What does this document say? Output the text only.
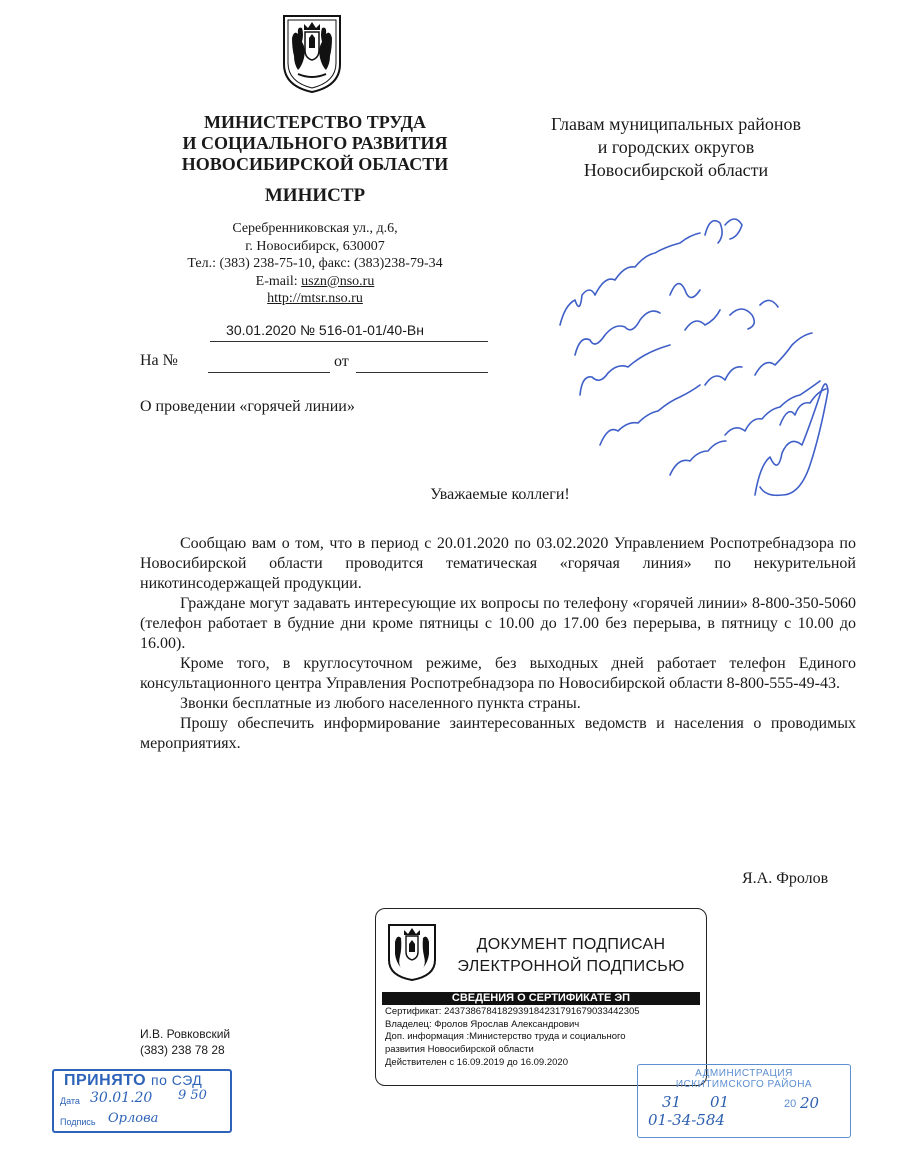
МИНИСТЕРСТВО ТРУДА
И СОЦИАЛЬНОГО РАЗВИТИЯ
НОВОСИБИРСКОЙ ОБЛАСТИ
МИНИСТР
Серебренниковская ул., д.6,
г. Новосибирск, 630007
Тел.: (383) 238-75-10, факс: (383)238-79-34
E-mail: uszn@nso.ru
http://mtsr.nso.ru
30.01.2020 № 516-01-01/40-Вн
На №	от
О проведении «горячей линии»
Главам муниципальных районов
и городских округов
Новосибирской области
Уважаемые коллеги!

Сообщаю вам о том, что в период с 20.01.2020 по 03.02.2020 Управлением Роспотребнадзора по Новосибирской области проводится тематическая «горячая линия» по некурительной никотинсодержащей продукции.

Граждане могут задавать интересующие их вопросы по телефону «горячей линии» 8-800-350-5060 (телефон работает в будние дни кроме пятницы с 10.00 до 17.00 без перерыва, в пятницу с 10.00 до 16.00).

Кроме того, в круглосуточном режиме, без выходных дней работает телефон Единого консультационного центра Управления Роспотребнадзора по Новосибирской области 8-800-555-49-43.

Звонки бесплатные из любого населенного пункта страны.

Прошу обеспечить информирование заинтересованных ведомств и населения о проводимых мероприятиях.

Я.А. Фролов
ДОКУМЕНТ ПОДПИСАН
ЭЛЕКТРОННОЙ ПОДПИСЬЮ
СВЕДЕНИЯ О СЕРТИФИКАТЕ ЭП
Сертификат: 243738678418293918423179167903344230​5
Владелец: Фролов Ярослав Александрович
Доп. информация :Министерство труда и социального
развития Новосибирской области
Действителен с 16.09.2019 до 16.09.2020
И.В. Ровковский
(383) 238 78 28
ПРИНЯТО по СЭД
Дата 30.01.20 9 50
Подпись Орлова
АДМИНИСТРАЦИЯ
ИСКИТИМСКОГО РАЙОНА
31 01	20 20
01-34-584
